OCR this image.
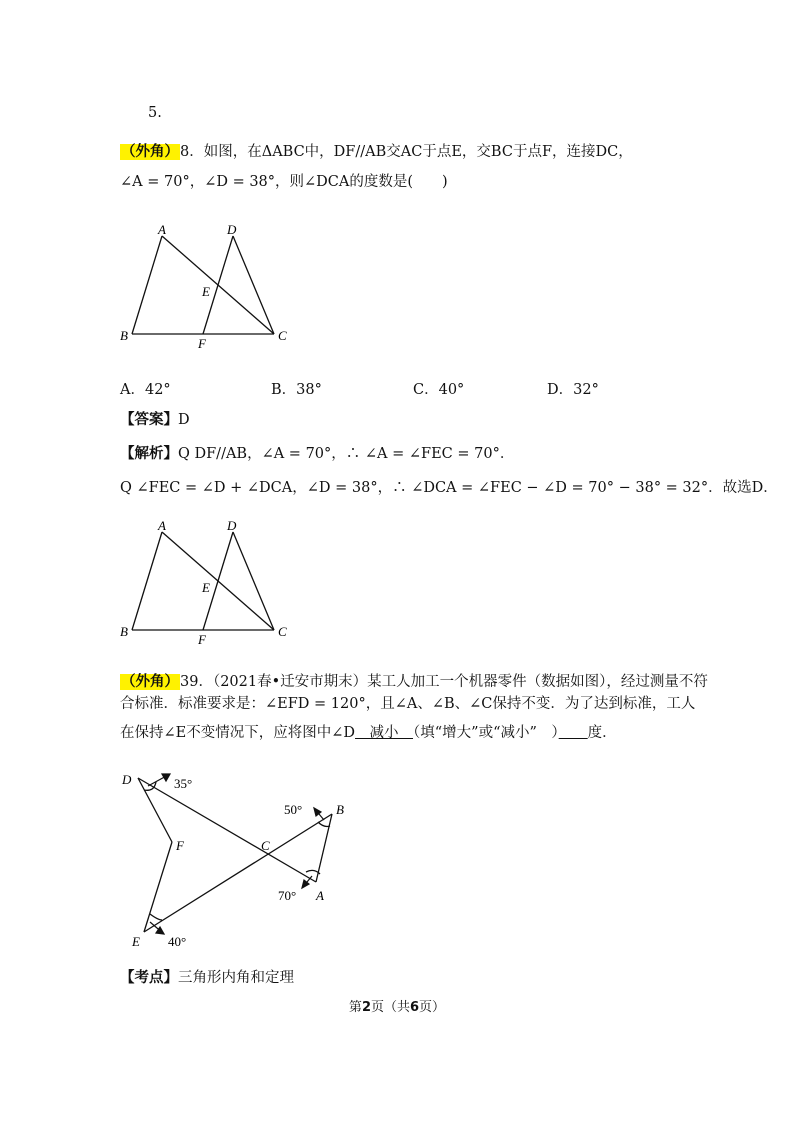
5.
（外角）8．如图，在ΔABC中，DF//AB交AC于点E，交BC于点F，连接DC，
∠A = 70°，∠D = 38°，则∠DCA的度数是(　　)
A	D
E
B
F
C
A．42°	B．38°	C．40°	D．32°
【答案】D
【解析】Q DF//AB，∠A = 70°，∴ ∠A = ∠FEC = 70°．
Q ∠FEC = ∠D + ∠DCA，∠D = 38°，∴ ∠DCA = ∠FEC − ∠D = 70° − 38° = 32°．故选D．
A	D
E
B
F
C
（外角）39．（2021春•迁安市期末）某工人加工一个机器零件（数据如图），经过测量不符
合标准．标准要求是：∠EFD = 120°，且∠A、∠B、∠C保持不变．为了达到标准，工人
在保持∠E不变情况下，应将图中∠D　减小　（填“增大”或“减小”　）　　 度．
D
F	C
B
A
E
35°
50°
70°
40°
【考点】三角形内角和定理
第2页（共6页）
